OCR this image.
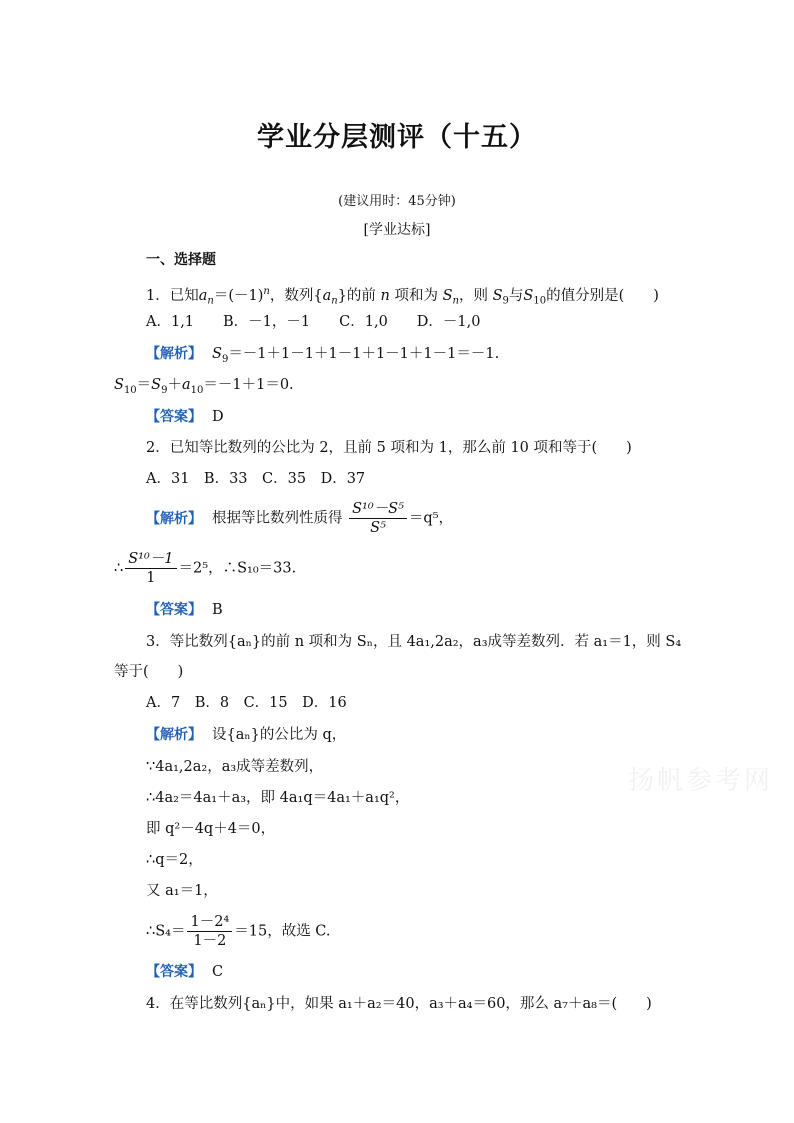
学业分层测评（十五）
(建议用时：45分钟)
[学业达标]
一、选择题
1．已知$a_n=(-1)^n$，数列$\{a_n\}$的前 n 项和为 $S_n$，则 $S_9$与$S_{10}$的值分别是(　　)
A．1,1　　B．－1，－1　　C．1,0　　D．－1,0
【解析】 $S_9=-1+1-1+1-1+1-1+1-1=-1$.
$S_{10}=S_9+a_{10}=-1+1=0$.
【答案】 D
2．已知等比数列的公比为 2，且前 5 项和为 1，那么前 10 项和等于(　　)
A．31　B．33　C．35　D．37
【解析】 根据等比数列性质得 $\frac{\text{S¹⁰－S⁵}}{\text{S⁵}} =q^5$，
∴ $\frac{\text{S¹⁰－1}}{1} =2^5$，∴S₁₀＝33.
【答案】 B
3．等比数列{aₙ}的前 n 项和为 Sₙ，且 4a₁,2a₂，a₃成等差数列．若 a₁＝1，则 S₄
等于(　　)
A．7　B．8　C．15　D．16
【解析】 设{aₙ}的公比为 q，
∵4a₁,2a₂，a₃成等差数列，
∴4a₂＝4a₁＋a₃，即 4a₁q＝4a₁＋a₁q²，
即 q²－4q＋4＝0，
∴q＝2，
又 a₁＝1，
∴S₄＝ $\frac{\text{1－2⁴}}{1-2} =15$，故选 C.
【答案】 C
4．在等比数列{aₙ}中，如果 a₁＋a₂＝40，a₃＋a₄＝60，那么 a₇＋a₈＝(　　)
扬帆参考网
